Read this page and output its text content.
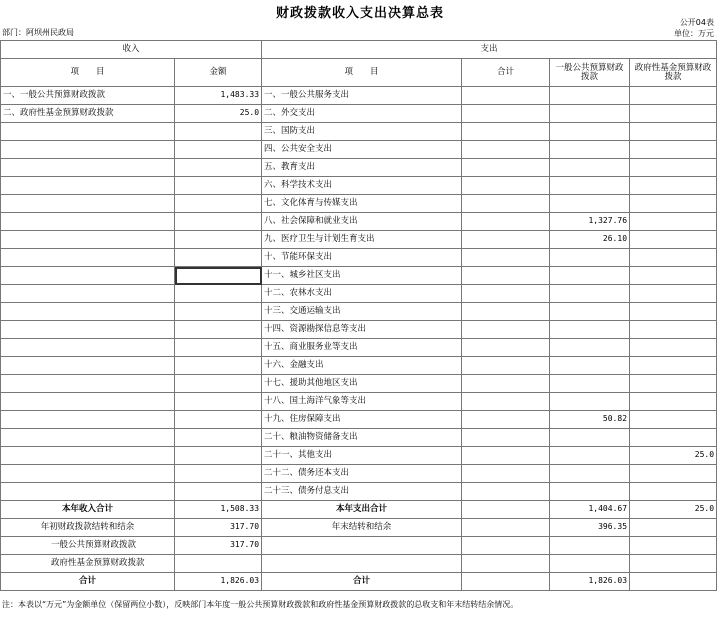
财政拨款收入支出决算总表
公开04表
部门：阿坝州民政局	单位：万元
收入		支出			
项　　目	金额	项　　目	合计	一般公共预算财政拨款	政府性基金预算财政拨款
一、一般公共预算财政拨款	1,483.33	一、一般公共服务支出			
二、政府性基金预算财政拨款	25.0	二、外交支出			
		三、国防支出			
		四、公共安全支出			
		五、教育支出			
		六、科学技术支出			
		七、文化体育与传媒支出			
		八、社会保障和就业支出		1,327.76	
		九、医疗卫生与计划生育支出		26.10	
		十、节能环保支出			
		十一、城乡社区支出			
		十二、农林水支出			
		十三、交通运输支出			
		十四、资源勘探信息等支出			
		十五、商业服务业等支出			
		十六、金融支出			
		十七、援助其他地区支出			
		十八、国土海洋气象等支出			
		十九、住房保障支出		50.82	
		二十、粮油物资储备支出			
		二十一、其他支出			25.0
		二十二、债务还本支出			
		二十三、债务付息支出			
本年收入合计	1,508.33	本年支出合计		1,404.67	25.0
年初财政拨款结转和结余	317.70	年末结转和结余		396.35	
一般公共预算财政拨款	317.70				
政府性基金预算财政拨款					
合计	1,826.03	合计		1,826.03	
注：本表以“万元”为金额单位（保留两位小数），反映部门本年度一般公共预算财政拨款和政府性基金预算财政拨款的总收支和年末结转结余情况。
